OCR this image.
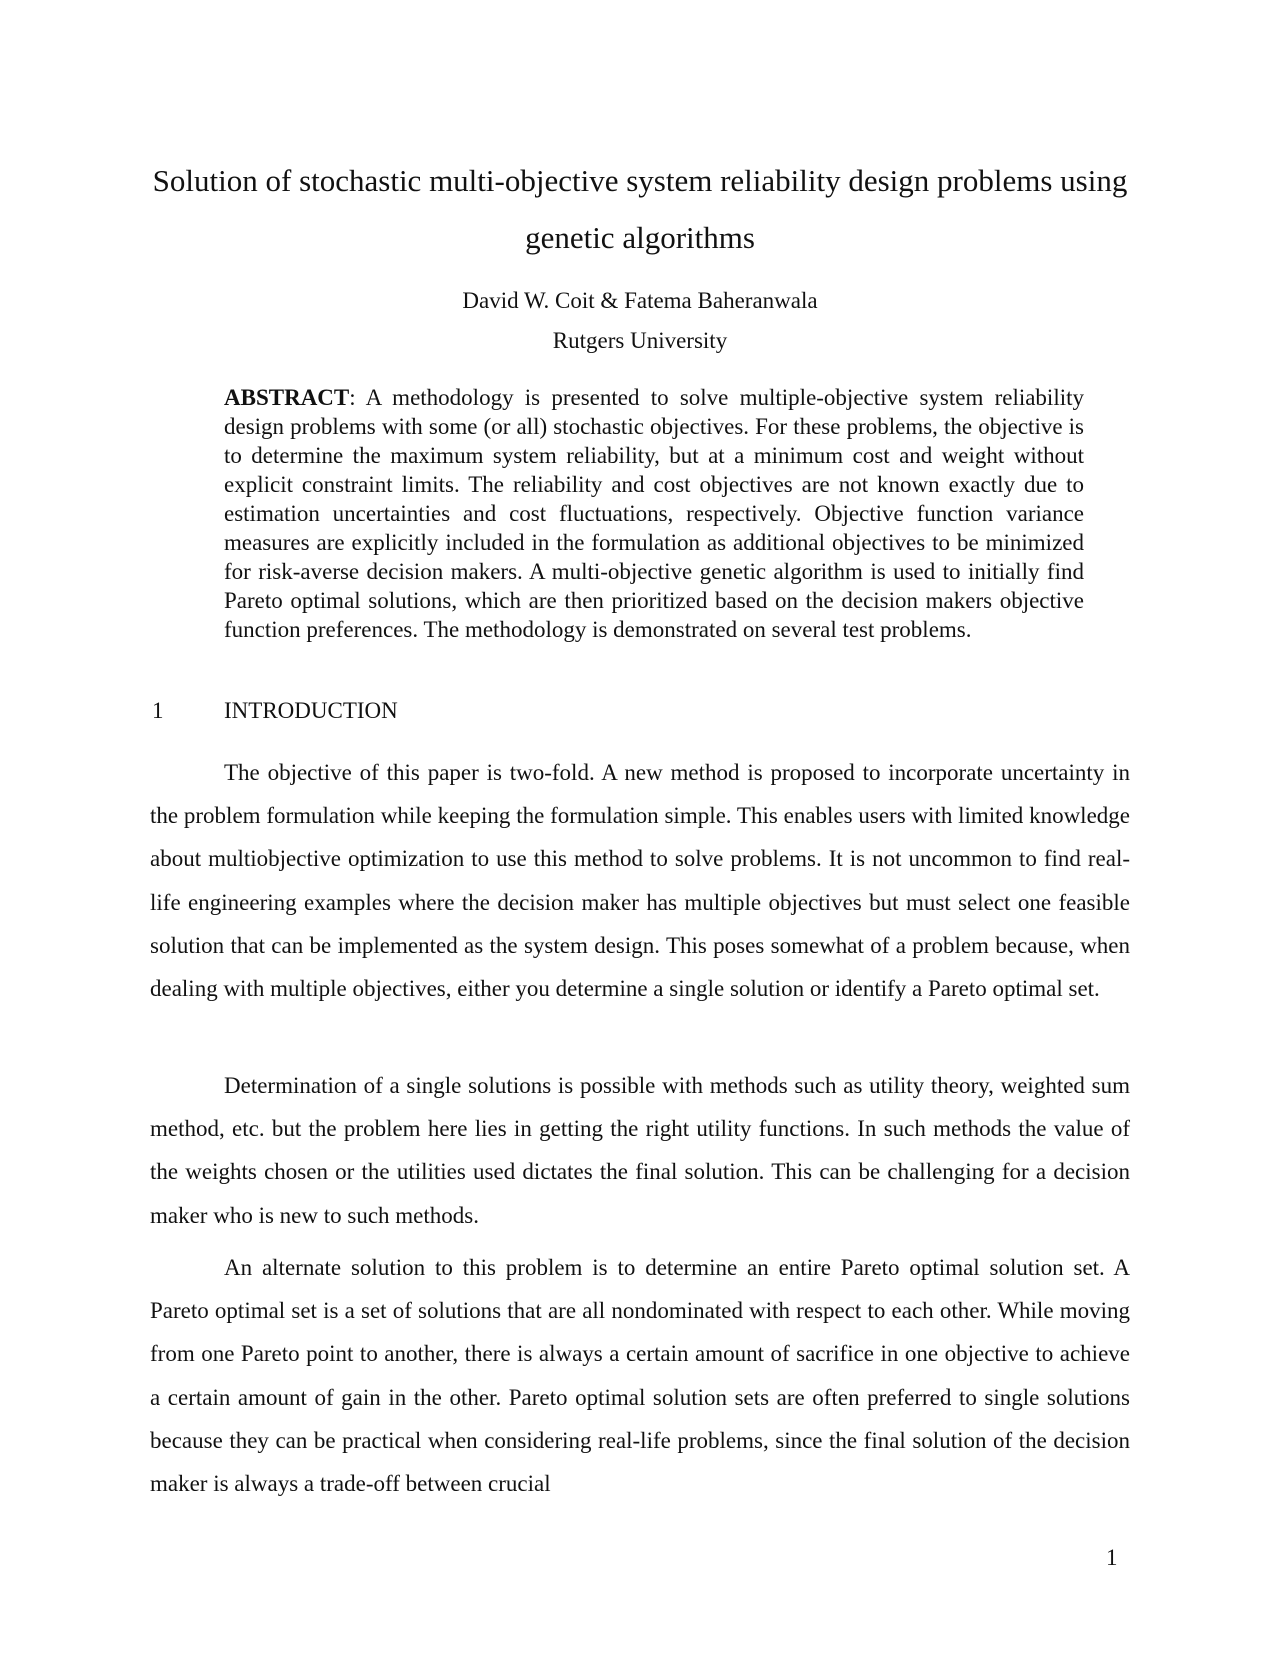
Solution of stochastic multi-objective system reliability design problems using genetic algorithms
David W. Coit & Fatema Baheranwala
Rutgers University

ABSTRACT: A methodology is presented to solve multiple-objective system reliability design problems with some (or all) stochastic objectives. For these problems, the objective is to determine the maximum system reliability, but at a minimum cost and weight without explicit constraint limits. The reliability and cost objectives are not known exactly due to estimation uncertainties and cost fluctuations, respectively. Objective function variance measures are explicitly included in the formulation as additional objectives to be minimized for risk-averse decision makers. A multi-objective genetic algorithm is used to initially find Pareto optimal solutions, which are then prioritized based on the decision makers objective function preferences. The methodology is demonstrated on several test problems.

1	INTRODUCTION

The objective of this paper is two-fold. A new method is proposed to incorporate uncertainty in the problem formulation while keeping the formulation simple. This enables users with limited knowledge about multiobjective optimization to use this method to solve problems. It is not uncommon to find real-life engineering examples where the decision maker has multiple objectives but must select one feasible solution that can be implemented as the system design. This poses somewhat of a problem because, when dealing with multiple objectives, either you determine a single solution or identify a Pareto optimal set.

Determination of a single solutions is possible with methods such as utility theory, weighted sum method, etc. but the problem here lies in getting the right utility functions. In such methods the value of the weights chosen or the utilities used dictates the final solution. This can be challenging for a decision maker who is new to such methods.

An alternate solution to this problem is to determine an entire Pareto optimal solution set. A Pareto optimal set is a set of solutions that are all nondominated with respect to each other. While moving from one Pareto point to another, there is always a certain amount of sacrifice in one objective to achieve a certain amount of gain in the other. Pareto optimal solution sets are often preferred to single solutions because they can be practical when considering real-life problems, since the final solution of the decision maker is always a trade-off between crucial

1
